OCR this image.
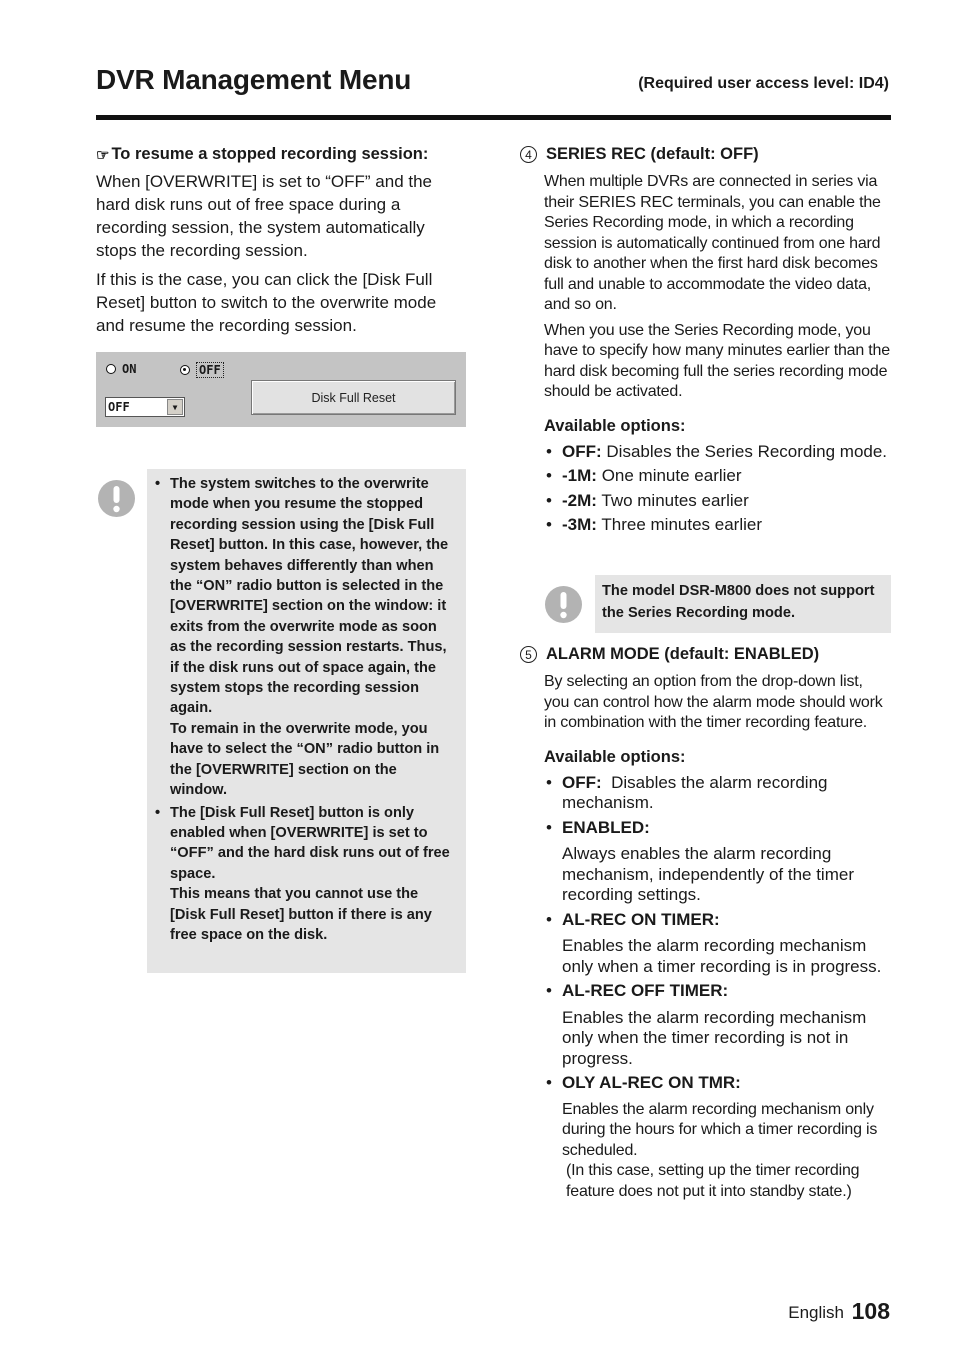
DVR Management Menu	(Required user access level: ID4)
☞ To resume a stopped recording session:

When [OVERWRITE] is set to “OFF” and the hard disk runs out of free space during a recording session, the system automatically stops the recording session.

If this is the case, you can click the [Disk Full Reset] button to switch to the overwrite mode and resume the recording session.

ON	OFF
OFF	▼
Disk Full Reset
• The system switches to the overwrite mode when you resume the stopped recording session using the [Disk Full Reset] button. In this case, however, the system behaves differently than when the “ON” radio button is selected in the [OVERWRITE] section on the window: it exits from the overwrite mode as soon as the recording session restarts. Thus, if the disk runs out of space again, the system stops the recording session again.
To remain in the overwrite mode, you have to select the “ON” radio button in the [OVERWRITE] section on the window.
• The [Disk Full Reset] button is only enabled when [OVERWRITE] is set to “OFF” and the hard disk runs out of free space.
This means that you cannot use the [Disk Full Reset] button if there is any free space on the disk.
4 SERIES REC (default: OFF)

When multiple DVRs are connected in series via their SERIES REC terminals, you can enable the Series Recording mode, in which a recording session is automatically continued from one hard disk to another when the first hard disk becomes full and unable to accommodate the video data, and so on.

When you use the Series Recording mode, you have to specify how many minutes earlier than the hard disk becoming full the series recording mode should be activated.

Available options:

• OFF: Disables the Series Recording mode.
• -1M: One minute earlier
• -2M: Two minutes earlier
• -3M: Three minutes earlier
The model DSR-M800 does not support the Series Recording mode.
5 ALARM MODE (default: ENABLED)

By selecting an option from the drop-down list, you can control how the alarm mode should work in combination with the timer recording feature.

Available options:

• OFF: Disables the alarm recording mechanism.
• ENABLED:
Always enables the alarm recording mechanism, independently of the timer recording settings.
• AL-REC ON TIMER:
Enables the alarm recording mechanism only when a timer recording is in progress.
• AL-REC OFF TIMER:
Enables the alarm recording mechanism only when the timer recording is not in progress.
• OLY AL-REC ON TMR:
Enables the alarm recording mechanism only during the hours for which a timer recording is scheduled.
(In this case, setting up the timer recording feature does not put it into standby state.)
English 108
